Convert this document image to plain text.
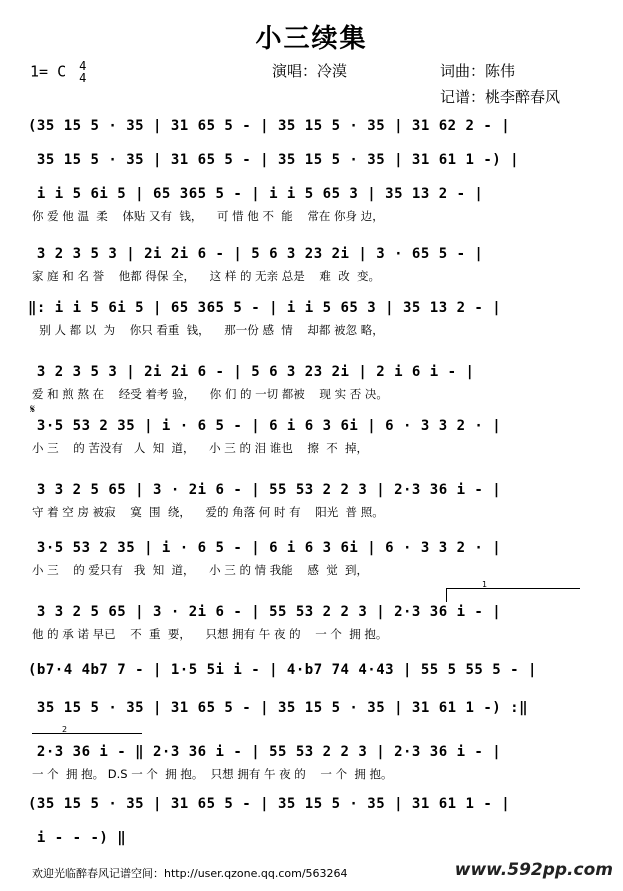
小三续集
1= C 4
4	演唱：冷漠	词曲：陈伟
记谱：桃李醉春风
𝄋
1
2
(35 15 5 · 35 | 31 65 5 - | 35 15 5 · 35 | 31 62 2 - |
35 15 5 · 35 | 31 65 5 - | 35 15 5 · 35 | 31 61 1 -) |
i i 5 6i 5 | 65 365 5 - | i i 5 65 3 | 35 13 2 - |
你 爱 他 温  柔    体贴 又有  钱，    可 惜 他 不  能    常在 你身 边，
3 2 3 5 3 | 2i 2i 6 - | 5 6 3 23 2i | 3 · 65 5 - |
家 庭 和 名 誉    他都 得保 全，    这 样 的 无亲 总是    难  改  变。
‖: i i 5 6i 5 | 65 365 5 - | i i 5 65 3 | 35 13 2 - |
别 人 都 以  为    你只 看重  钱，    那一份 感  情    却都 被忽 略，
3 2 3 5 3 | 2i 2i 6 - | 5 6 3 23 2i | 2 i 6 i - |
爱 和 煎 熬 在    经受 着考 验，    你 们 的 一切 都被    现 实 否 决。
3·5 53 2 35 | i · 6 5 - | 6 i 6 3 6i | 6 · 3 3 2 · |
小 三    的 苦没有   人  知  道，    小 三 的 泪 谁也    擦  不  掉，
3 3 2 5 65 | 3 · 2i 6 - | 55 53 2 2 3 | 2·3 36 i - |
守 着 空 房 被寂    寞  围  绕，    爱的 角落 何 时 有    阳光  普 照。
3·5 53 2 35 | i · 6 5 - | 6 i 6 3 6i | 6 · 3 3 2 · |
小 三    的 爱只有   我  知  道，    小 三 的 情 我能    感  觉  到，
3 3 2 5 65 | 3 · 2i 6 - | 55 53 2 2 3 | 2·3 36 i - |
他 的 承 诺 早已    不  重  要，    只想 拥有 午 夜 的    一 个  拥 抱。
(b7·4 4b7 7 - | 1·5 5i i - | 4·b7 74 4·43 | 55 5 55 5 - |
35 15 5 · 35 | 31 65 5 - | 35 15 5 · 35 | 31 61 1 -) :‖
2·3 36 i - ‖ 2·3 36 i - | 55 53 2 2 3 | 2·3 36 i - |
一 个  拥 抱。 D.S 一 个  拥 抱。  只想 拥有 午 夜 的    一 个  拥 抱。
(35 15 5 · 35 | 31 65 5 - | 35 15 5 · 35 | 31 61 1 - |
i - - -) ‖
欢迎光临醉春风记谱空间：http://user.qzone.qq.com/563264	www.592pp.com
